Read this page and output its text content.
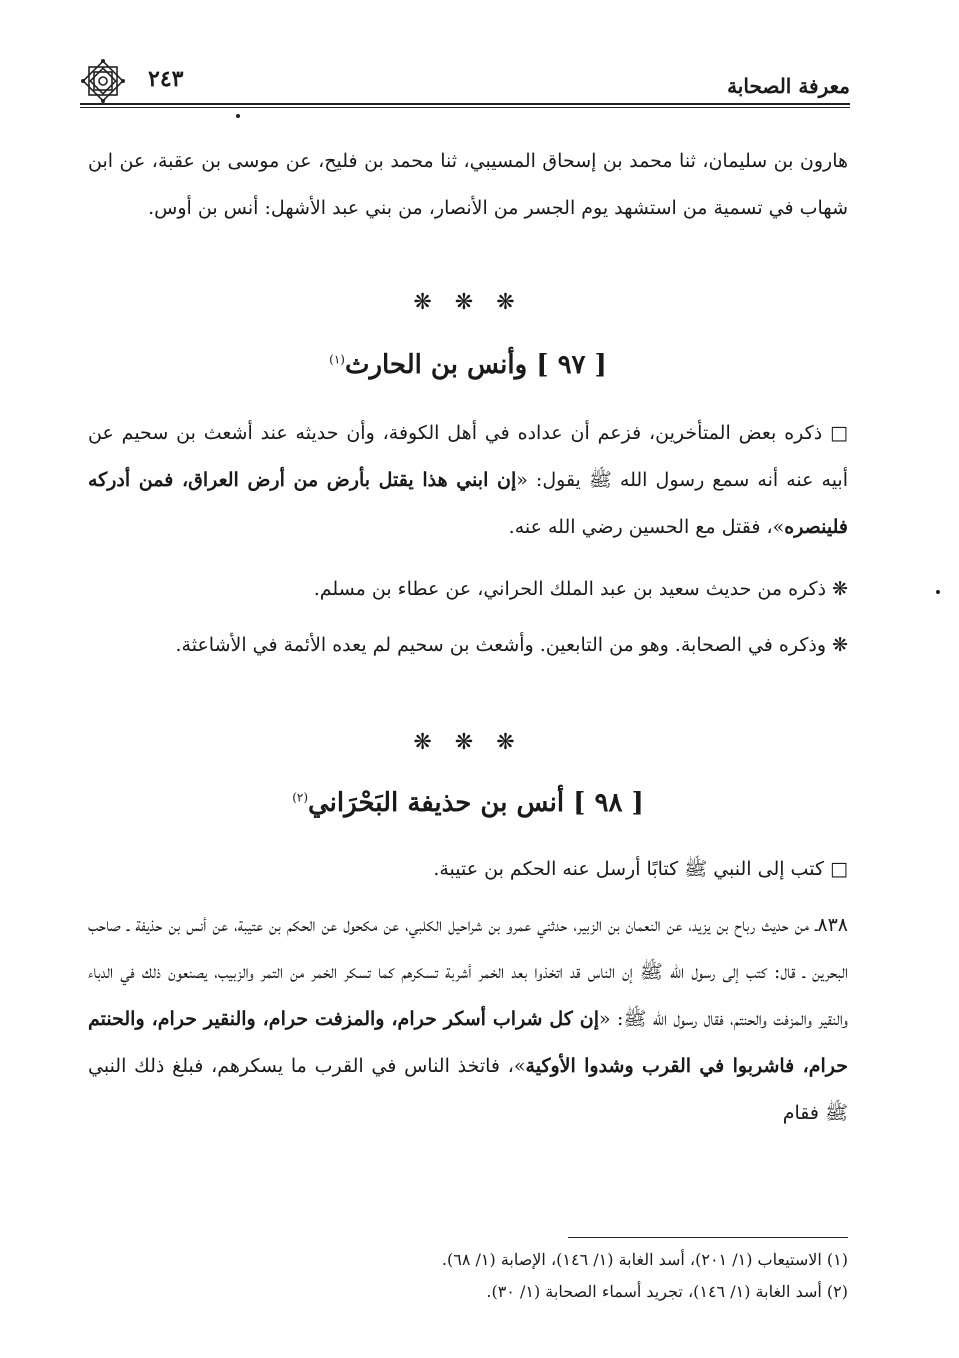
معرفة الصحابة
٢٤٣

هارون بن سليمان، ثنا محمد بن إسحاق المسيبي، ثنا محمد بن فليح، عن موسى بن عقبة، عن ابن شهاب في تسمية من استشهد يوم الجسر من الأنصار، من بني عبد الأشهل: أنس بن أوس.

❋ ❋ ❋
[ ٩٧ ] وأنس بن الحارث$^{(١)}$

□ ذكره بعض المتأخرين، فزعم أن عداده في أهل الكوفة، وأن حديثه عند أشعث بن سحيم عن أبيه عنه أنه سمع رسول الله ﷺ يقول: «إن ابني هذا يقتل بأرض من أرض العراق، فمن أدركه فلينصره»، فقتل مع الحسين رضي الله عنه.

❋ ذكره من حديث سعيد بن عبد الملك الحراني، عن عطاء بن مسلم.

❋ وذكره في الصحابة. وهو من التابعين. وأشعث بن سحيم لم يعده الأئمة في الأشاعثة.

❋ ❋ ❋
[ ٩٨ ] أنس بن حذيفة البَحْرَاني$^{(٢)}$

□ كتب إلى النبي ﷺ كتابًا أرسل عنه الحكم بن عتيبة.

٨٣٨ـ من حديث رباح بن يزيد، عن النعمان بن الزبير، حدثني عمرو بن شراحيل الكلبي، عن مكحول عن الحكم بن عتيبة، عن أنس بن حذيفة ـ صاحب البحرين ـ قال: كتب إلى رسول الله ﷺ إن الناس قد اتخذوا بعد الخمر أشربة تسكرهم كما تسكر الخمر من التمر والزبيب، يصنعون ذلك في الدباء والنقير والمزفت والحنتم، فقال رسول الله ﷺ: «إن كل شراب أسكر حرام، والمزفت حرام، والنقير حرام، والحنتم حرام، فاشربوا في القرب وشدوا الأوكية»، فاتخذ الناس في القرب ما يسكرهم، فبلغ ذلك النبي ﷺ فقام

(١) الاستيعاب (١/ ٢٠١)، أسد الغابة (١/ ١٤٦)، الإصابة (١/ ٦٨).
(٢) أسد الغابة (١/ ١٤٦)، تجريد أسماء الصحابة (١/ ٣٠).
